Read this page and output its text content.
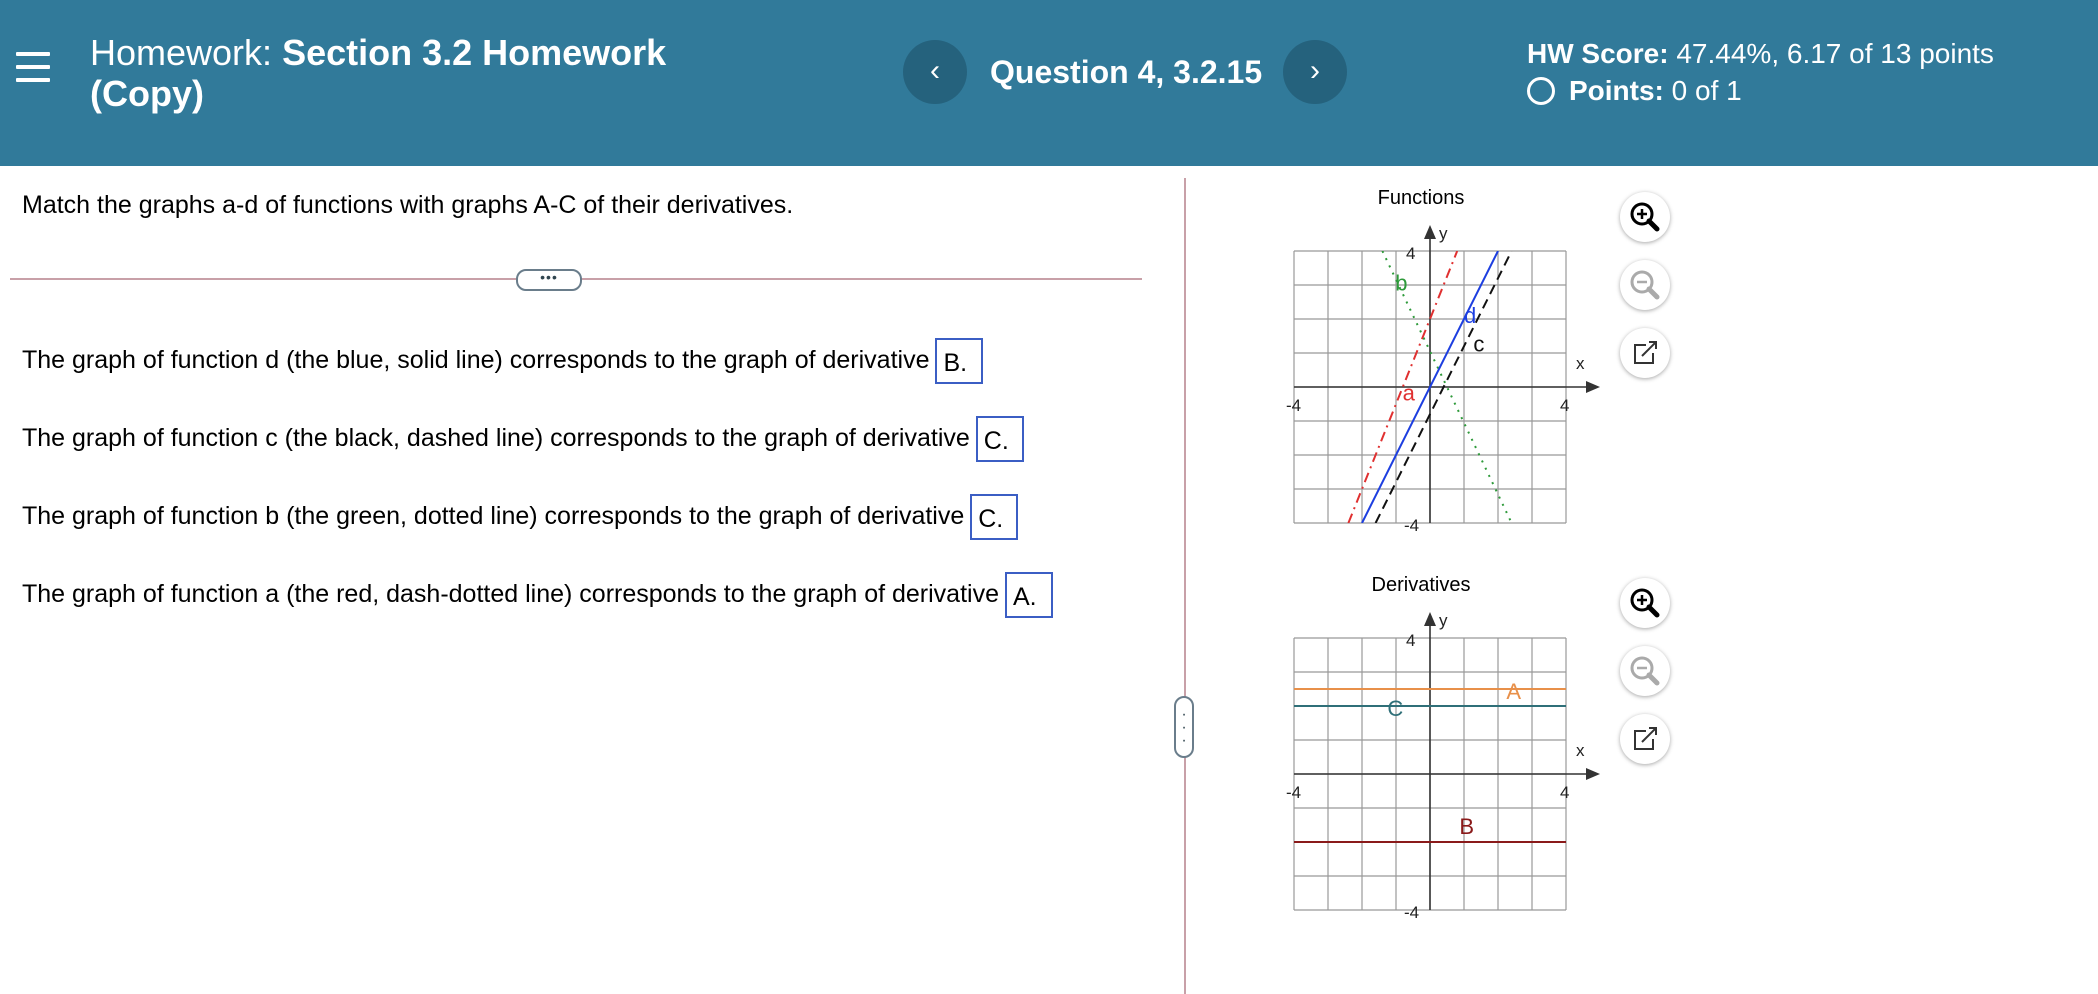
Homework: Section 3.2 Homework (Copy)
‹	Question 4, 3.2.15	›
HW Score: 47.44%, 6.17 of 13 points
Points: 0 of 1
Match the graphs a-d of functions with graphs A-C of their derivatives.
•••
The graph of function d (the blue, solid line) corresponds to the graph of derivative B.
The graph of function c (the black, dashed line) corresponds to the graph of derivative C.
The graph of function b (the green, dotted line) corresponds to the graph of derivative C.
The graph of function a (the red, dash-dotted line) corresponds to the graph of derivative A.
·
·
·
Functions
x
y
-4	4
4
-4
a
b
c
d
Derivatives
x
y
-4	4
4
-4
A
B
C
